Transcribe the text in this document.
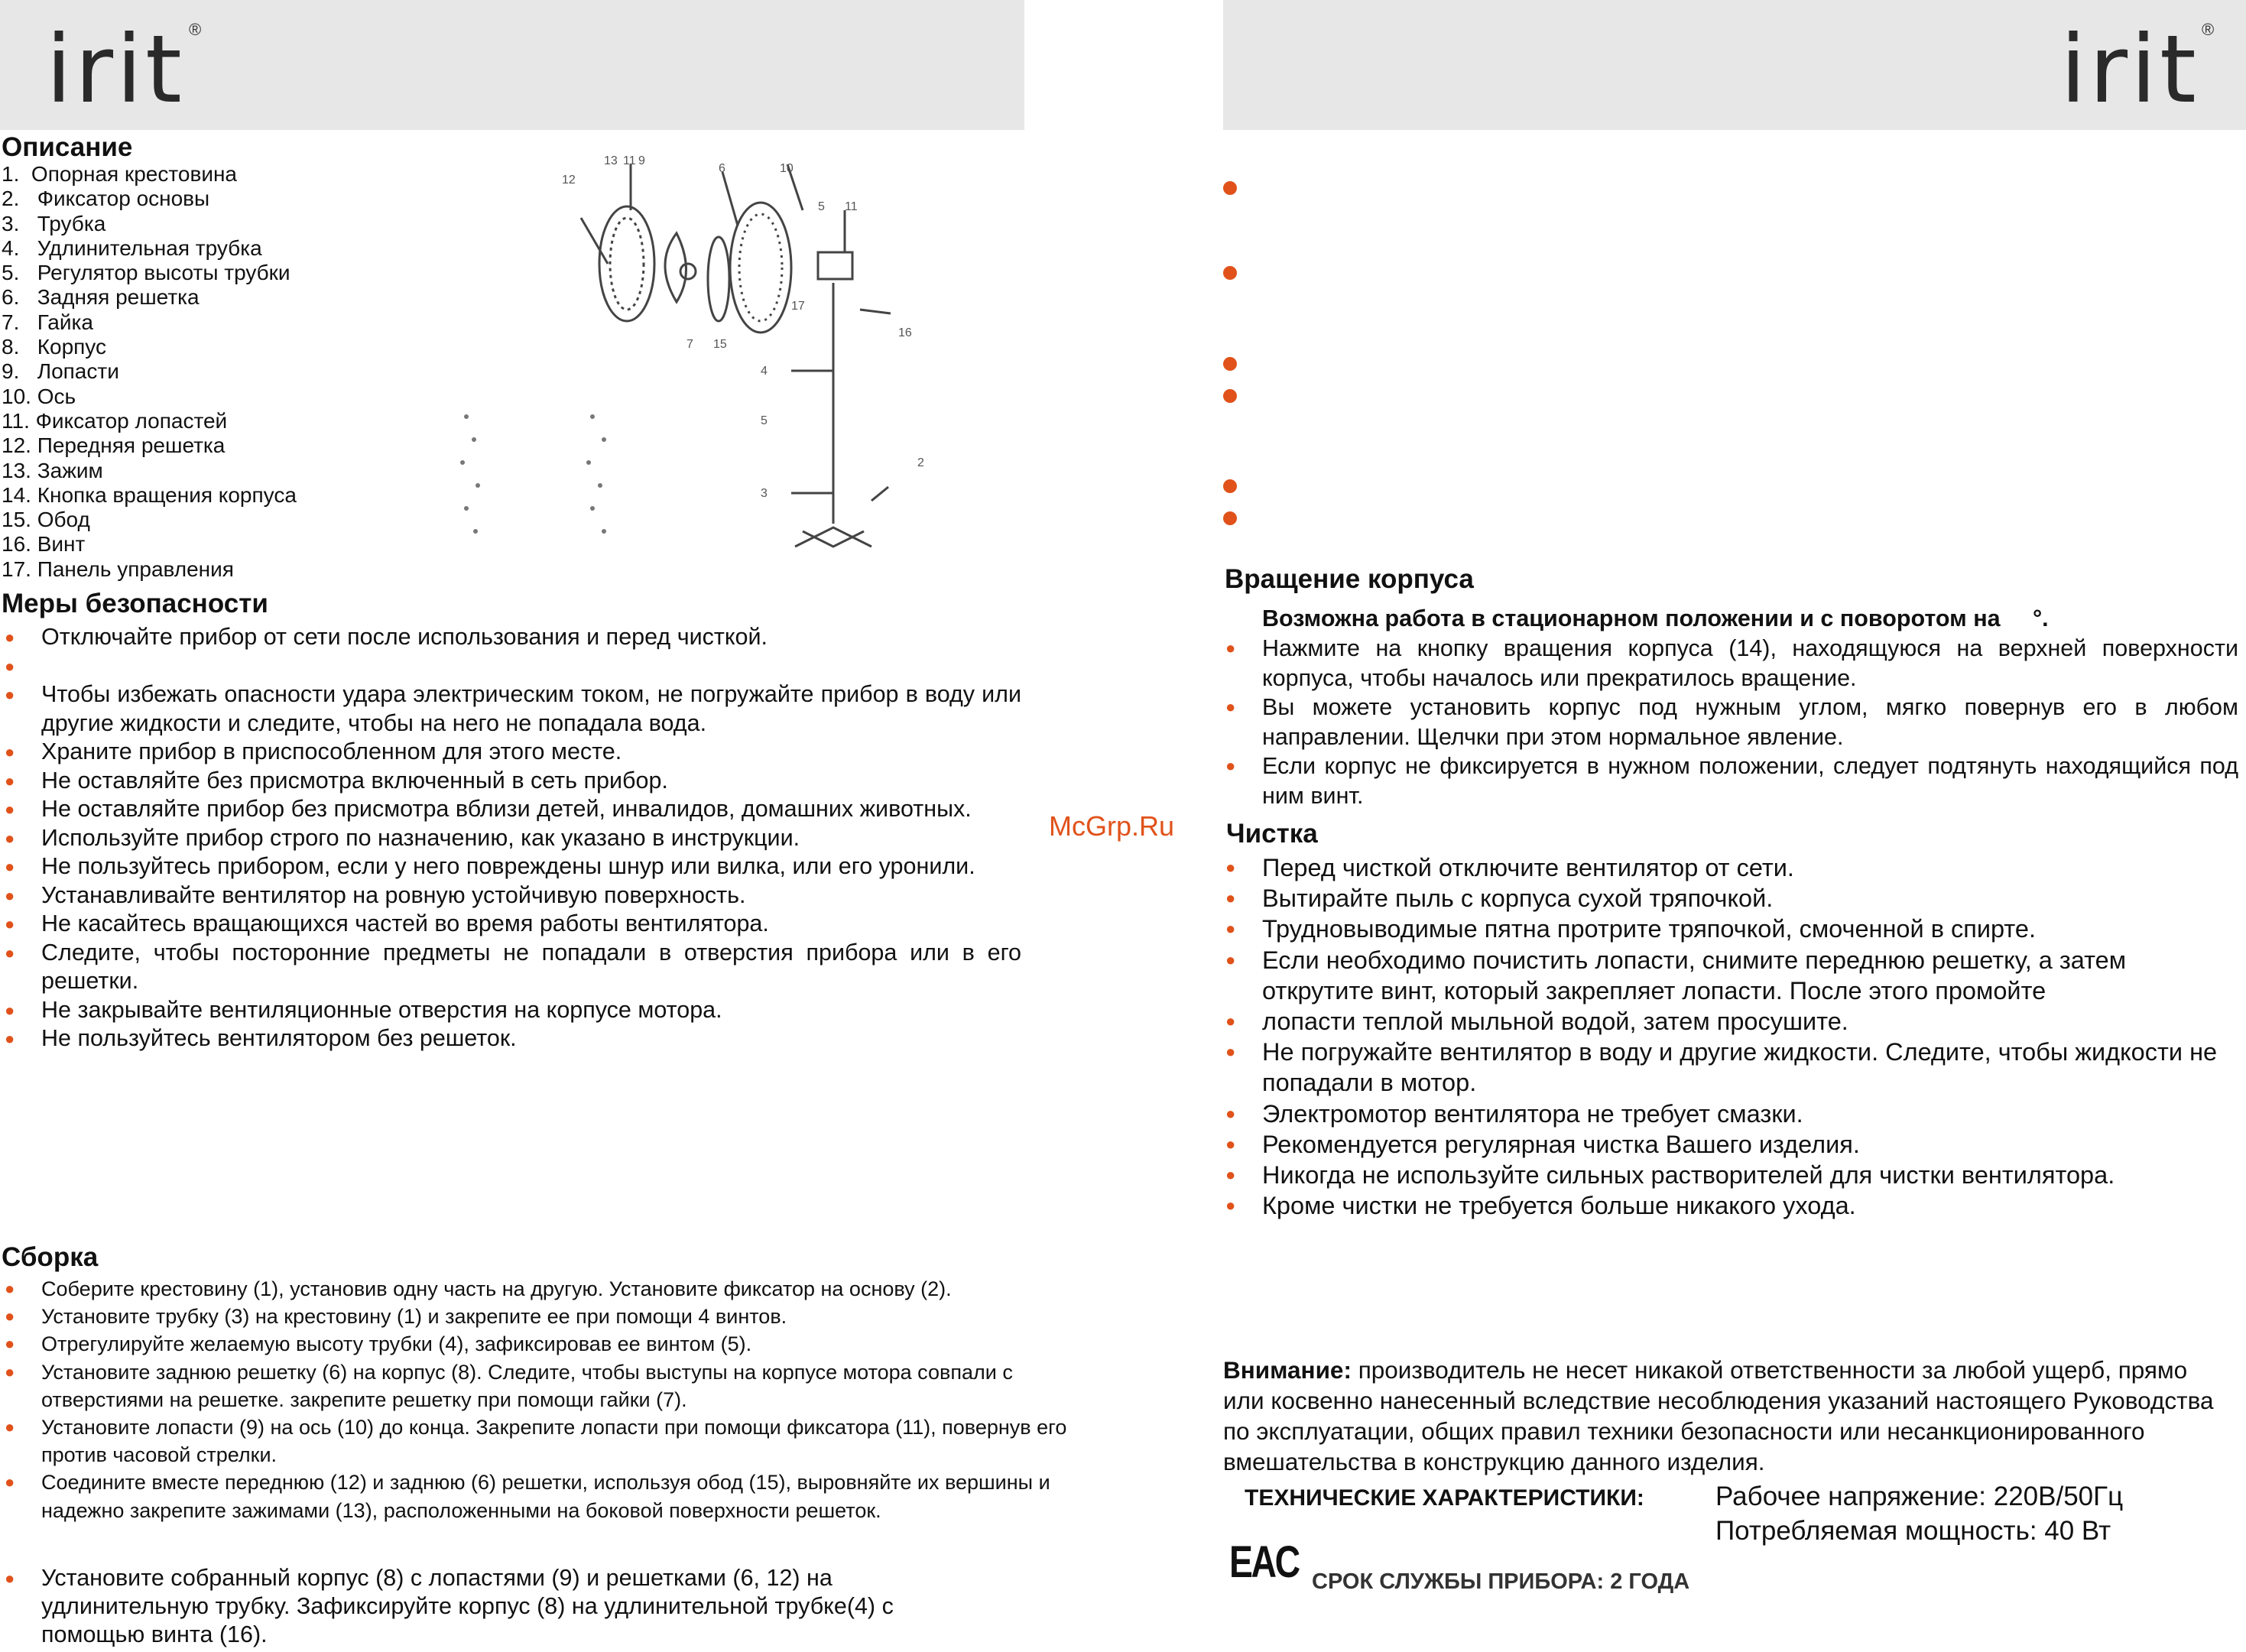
irit ®	irit ®
Описание
1.  Опорная крестовина
2.   Фиксатор основы
3.   Трубка
4.   Удлинительная трубка
5.   Регулятор высоты трубки
6.   Задняя решетка
7.   Гайка
8.   Корпус
9.   Лопасти
10. Ось
11. Фиксатор лопастей
12. Передняя решетка
13. Зажим
14. Кнопка вращения корпуса
15. Обод
16. Винт
17. Панель управления
12
13 11 9
6	10
5 11
17
16
4
5
3
2
7 15
Меры безопасности
● Отключайте прибор от сети после использования и перед чисткой.
●
● Чтобы избежать опасности удара электрическим током, не погружайте прибор в воду или другие жидкости и следите, чтобы на него не попадала вода.
● Храните прибор в приспособленном для этого месте.
● Не оставляйте без присмотра включенный в сеть прибор.
● Не оставляйте прибор без присмотра вблизи детей, инвалидов, домашних животных.
● Используйте прибор строго по назначению, как указано в инструкции.
● Не пользуйтесь прибором, если у него повреждены шнур или вилка, или его уронили.
● Устанавливайте вентилятор на ровную устойчивую поверхность.
● Не касайтесь вращающихся частей во время работы вентилятора.
● Следите, чтобы посторонние предметы не попадали в отверстия прибора или в его решетки.
● Не закрывайте вентиляционные отверстия на корпусе мотора.
● Не пользуйтесь вентилятором без решеток.
Сборка
● Соберите крестовину (1), установив одну часть на другую. Установите фиксатор на основу (2).
● Установите трубку (3) на крестовину (1) и закрепите ее при помощи 4 винтов.
● Отрегулируйте желаемую высоту трубки (4), зафиксировав ее винтом (5).
● Установите заднюю решетку (6) на корпус (8). Следите, чтобы выступы на корпусе мотора совпали с отверстиями на решетке. закрепите решетку при помощи гайки (7).
● Установите лопасти (9) на ось (10) до конца. Закрепите лопасти при помощи фиксатора (11), повернув его против часовой стрелки.
● Соедините вместе переднюю (12) и заднюю (6) решетки, используя обод (15), выровняйте их вершины и надежно закрепите зажимами (13), расположенными на боковой поверхности решеток.
● Установите собранный корпус (8) с лопастями (9) и решетками (6, 12) на удлинительную трубку. Зафиксируйте корпус (8) на удлинительной трубке(4) с помощью винта (16).
McGrp.Ru
Вращение корпуса
Возможна работа в стационарном положении и с поворотом на     °.
● Нажмите на кнопку вращения корпуса (14), находящуюся на верхней поверхности корпуса, чтобы началось или прекратилось вращение.
● Вы можете установить корпус под нужным углом, мягко повернув его в любом направлении. Щелчки при этом нормальное явление.
● Если корпус не фиксируется в нужном положении, следует подтянуть находящийся под ним винт.
Чистка
● Перед чисткой отключите вентилятор от сети.
● Вытирайте пыль с корпуса сухой тряпочкой.
● Трудновыводимые пятна протрите тряпочкой, смоченной в спирте.
● Если необходимо почистить лопасти, снимите переднюю решетку, а затем открутите винт, который закрепляет лопасти. После этого промойте
● лопасти теплой мыльной водой, затем просушите.
● Не погружайте вентилятор в воду и другие жидкости. Следите, чтобы жидкости не попадали в мотор.
● Электромотор вентилятора не требует смазки.
● Рекомендуется регулярная чистка Вашего изделия.
● Никогда не используйте сильных растворителей для чистки вентилятора.
● Кроме чистки не требуется больше никакого ухода.
Внимание: производитель не несет никакой ответственности за любой ущерб, прямо или косвенно нанесенный вследствие несоблюдения указаний настоящего Руководства по эксплуатации, общих правил техники безопасности или несанкционированного вмешательства в конструкцию данного изделия.
ТЕХНИЧЕСКИЕ ХАРАКТЕРИСТИКИ:	Рабочее напряжение: 220В/50Гц
Потребляемая мощность: 40 Вт
EAC СРОК СЛУЖБЫ ПРИБОРА: 2 ГОДА
